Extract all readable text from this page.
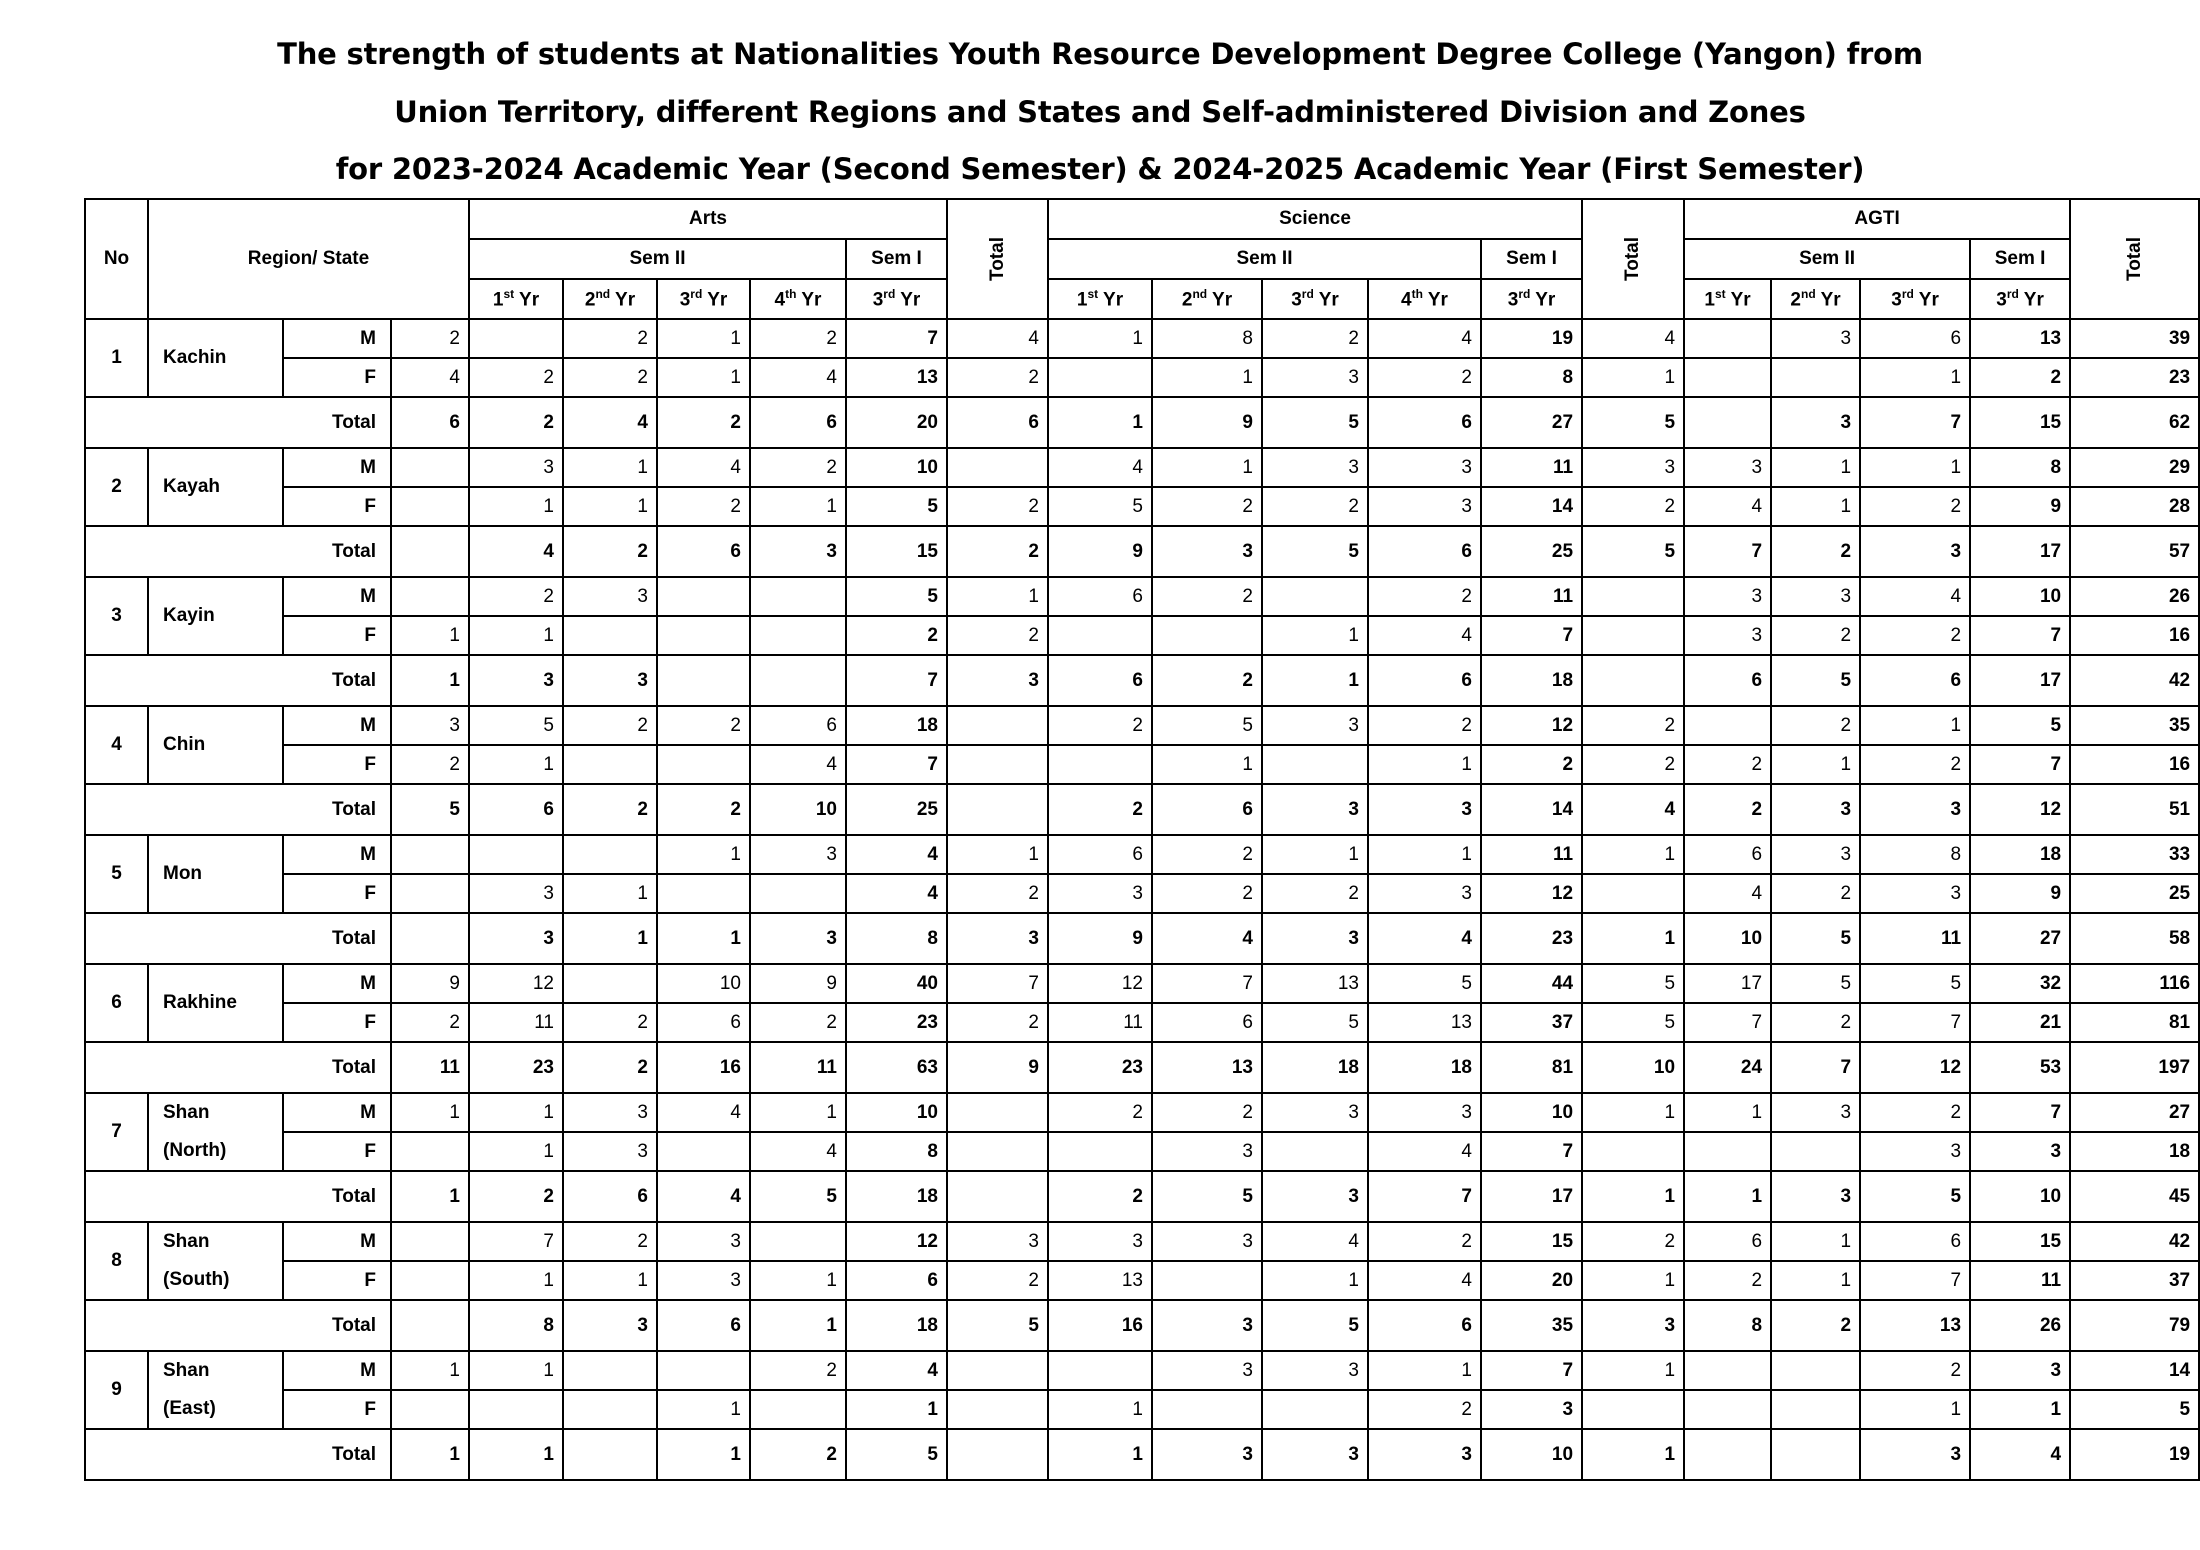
The strength of students at Nationalities Youth Resource Development Degree College (Yangon) from
Union Territory, different Regions and States and Self-administered Division and Zones
for 2023-2024 Academic Year (Second Semester) & 2024-2025 Academic Year (First Semester)
No	Region/ State			Arts					Total	Science					Total	AGTI				Total	

				Sem II				Sem I		Sem II				Sem I		Sem II			Sem I		
				1st Yr	2nd Yr	3rd Yr	4th Yr	3rd Yr		1st Yr	2nd Yr	3rd Yr	4th Yr	3rd Yr		1st Yr	2nd Yr	3rd Yr	3rd Yr		
1	Kachin	M	2		2	1	2	7	4	1	8	2	4	19	4		3	6	13	39	
		F	4	2	2	1	4	13	2		1	3	2	8	1			1	2	23	
Total			6	2	4	2	6	20	6	1	9	5	6	27	5		3	7	15	62	
2	Kayah	M		3	1	4	2	10		4	1	3	3	11	3	3	1	1	8	29	
		F		1	1	2	1	5	2	5	2	2	3	14	2	4	1	2	9	28	
Total				4	2	6	3	15	2	9	3	5	6	25	5	7	2	3	17	57	
3	Kayin	M		2	3			5	1	6	2		2	11		3	3	4	10	26	
		F	1	1				2	2			1	4	7		3	2	2	7	16	
Total			1	3	3			7	3	6	2	1	6	18		6	5	6	17	42	
4	Chin	M	3	5	2	2	6	18		2	5	3	2	12	2		2	1	5	35	
		F	2	1			4	7			1		1	2	2	2	1	2	7	16	
Total			5	6	2	2	10	25		2	6	3	3	14	4	2	3	3	12	51	
5	Mon	M				1	3	4	1	6	2	1	1	11	1	6	3	8	18	33	
		F		3	1			4	2	3	2	2	3	12		4	2	3	9	25	
Total				3	1	1	3	8	3	9	4	3	4	23	1	10	5	11	27	58	
6	Rakhine	M	9	12		10	9	40	7	12	7	13	5	44	5	17	5	5	32	116	
		F	2	11	2	6	2	23	2	11	6	5	13	37	5	7	2	7	21	81	
Total			11	23	2	16	11	63	9	23	13	18	18	81	10	24	7	12	53	197	
7	Shan
(North)	M	1	1	3	4	1	10		2	2	3	3	10	1	1	3	2	7	27	
		F		1	3		4	8			3		4	7				3	3	18	
Total			1	2	6	4	5	18		2	5	3	7	17	1	1	3	5	10	45	
8	Shan
(South)	M		7	2	3		12	3	3	3	4	2	15	2	6	1	6	15	42	
		F		1	1	3	1	6	2	13		1	4	20	1	2	1	7	11	37	
Total				8	3	6	1	18	5	16	3	5	6	35	3	8	2	13	26	79	
9	Shan
(East)	M	1	1			2	4			3	3	1	7	1			2	3	14	
		F				1		1		1			2	3				1	1	5	
Total			1	1		1	2	5		1	3	3	3	10	1			3	4	19	
